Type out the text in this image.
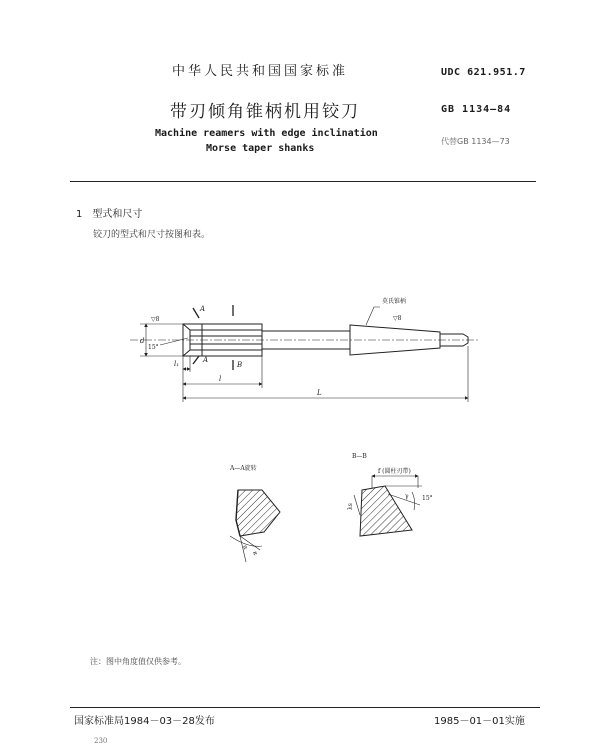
中华人民共和国国家标准	UDC 621.951.7
带刃倾角锥柄机用铰刀	GB 1134—84
Machine reamers with edge inclination
Morse taper shanks
代替GB 1134—73
1 型式和尺寸
铰刀的型式和尺寸按图和表。
A
A
B
d
15°
▽8	▽8
莫氏锥柄
l₁
l
L
A—A旋转
α
κ
B—B
f (圆柱刃带)
γ 15°
λs
注：图中角度值仅供参考。
国家标准局1984－03－28发布	1985－01－01实施
230
